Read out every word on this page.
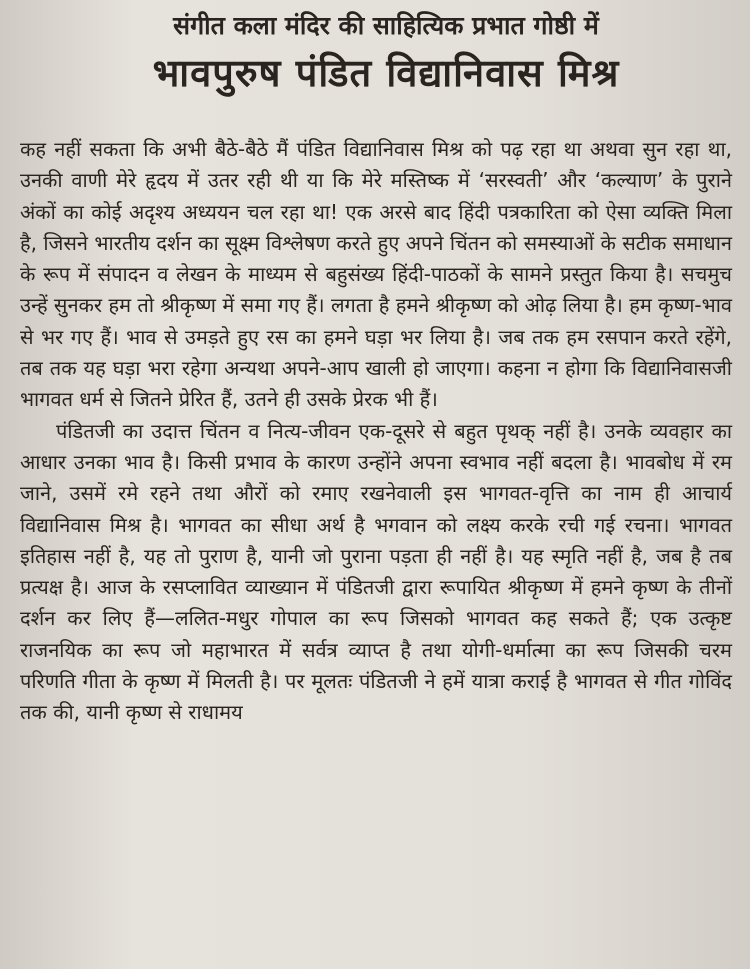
संगीत कला मंदिर की साहित्यिक प्रभात गोष्ठी में
भावपुरुष पंडित विद्यानिवास मिश्र

कह नहीं सकता कि अभी बैठे-बैठे मैं पंडित विद्यानिवास मिश्र को पढ़ रहा था अथवा सुन रहा था, उनकी वाणी मेरे हृदय में उतर रही थी या कि मेरे मस्तिष्क में ‘सरस्वती’ और ‘कल्याण’ के पुराने अंकों का कोई अदृश्य अध्ययन चल रहा था! एक अरसे बाद हिंदी पत्रकारिता को ऐसा व्यक्ति मिला है, जिसने भारतीय दर्शन का सूक्ष्म विश्लेषण करते हुए अपने चिंतन को समस्याओं के सटीक समाधान के रूप में संपादन व लेखन के माध्यम से बहुसंख्य हिंदी-पाठकों के सामने प्रस्तुत किया है। सचमुच उन्हें सुनकर हम तो श्रीकृष्ण में समा गए हैं। लगता है हमने श्रीकृष्ण को ओढ़ लिया है। हम कृष्ण-भाव से भर गए हैं। भाव से उमड़ते हुए रस का हमने घड़ा भर लिया है। जब तक हम रसपान करते रहेंगे, तब तक यह घड़ा भरा रहेगा अन्यथा अपने-आप खाली हो जाएगा। कहना न होगा कि विद्यानिवासजी भागवत धर्म से जितने प्रेरित हैं, उतने ही उसके प्रेरक भी हैं।

पंडितजी का उदात्त चिंतन व नित्य-जीवन एक-दूसरे से बहुत पृथक् नहीं है। उनके व्यवहार का आधार उनका भाव है। किसी प्रभाव के कारण उन्होंने अपना स्वभाव नहीं बदला है। भावबोध में रम जाने, उसमें रमे रहने तथा औरों को रमाए रखनेवाली इस भागवत-वृत्ति का नाम ही आचार्य विद्यानिवास मिश्र है। भागवत का सीधा अर्थ है भगवान को लक्ष्य करके रची गई रचना। भागवत इतिहास नहीं है, यह तो पुराण है, यानी जो पुराना पड़ता ही नहीं है। यह स्मृति नहीं है, जब है तब प्रत्यक्ष है। आज के रसप्लावित व्याख्यान में पंडितजी द्वारा रूपायित श्रीकृष्ण में हमने कृष्ण के तीनों दर्शन कर लिए हैं—ललित-मधुर गोपाल का रूप जिसको भागवत कह सकते हैं; एक उत्कृष्ट राजनयिक का रूप जो महाभारत में सर्वत्र व्याप्त है तथा योगी-धर्मात्मा का रूप जिसकी चरम परिणति गीता के कृष्ण में मिलती है। पर मूलतः पंडितजी ने हमें यात्रा कराई है भागवत से गीत गोविंद तक की, यानी कृष्ण से राधामय
